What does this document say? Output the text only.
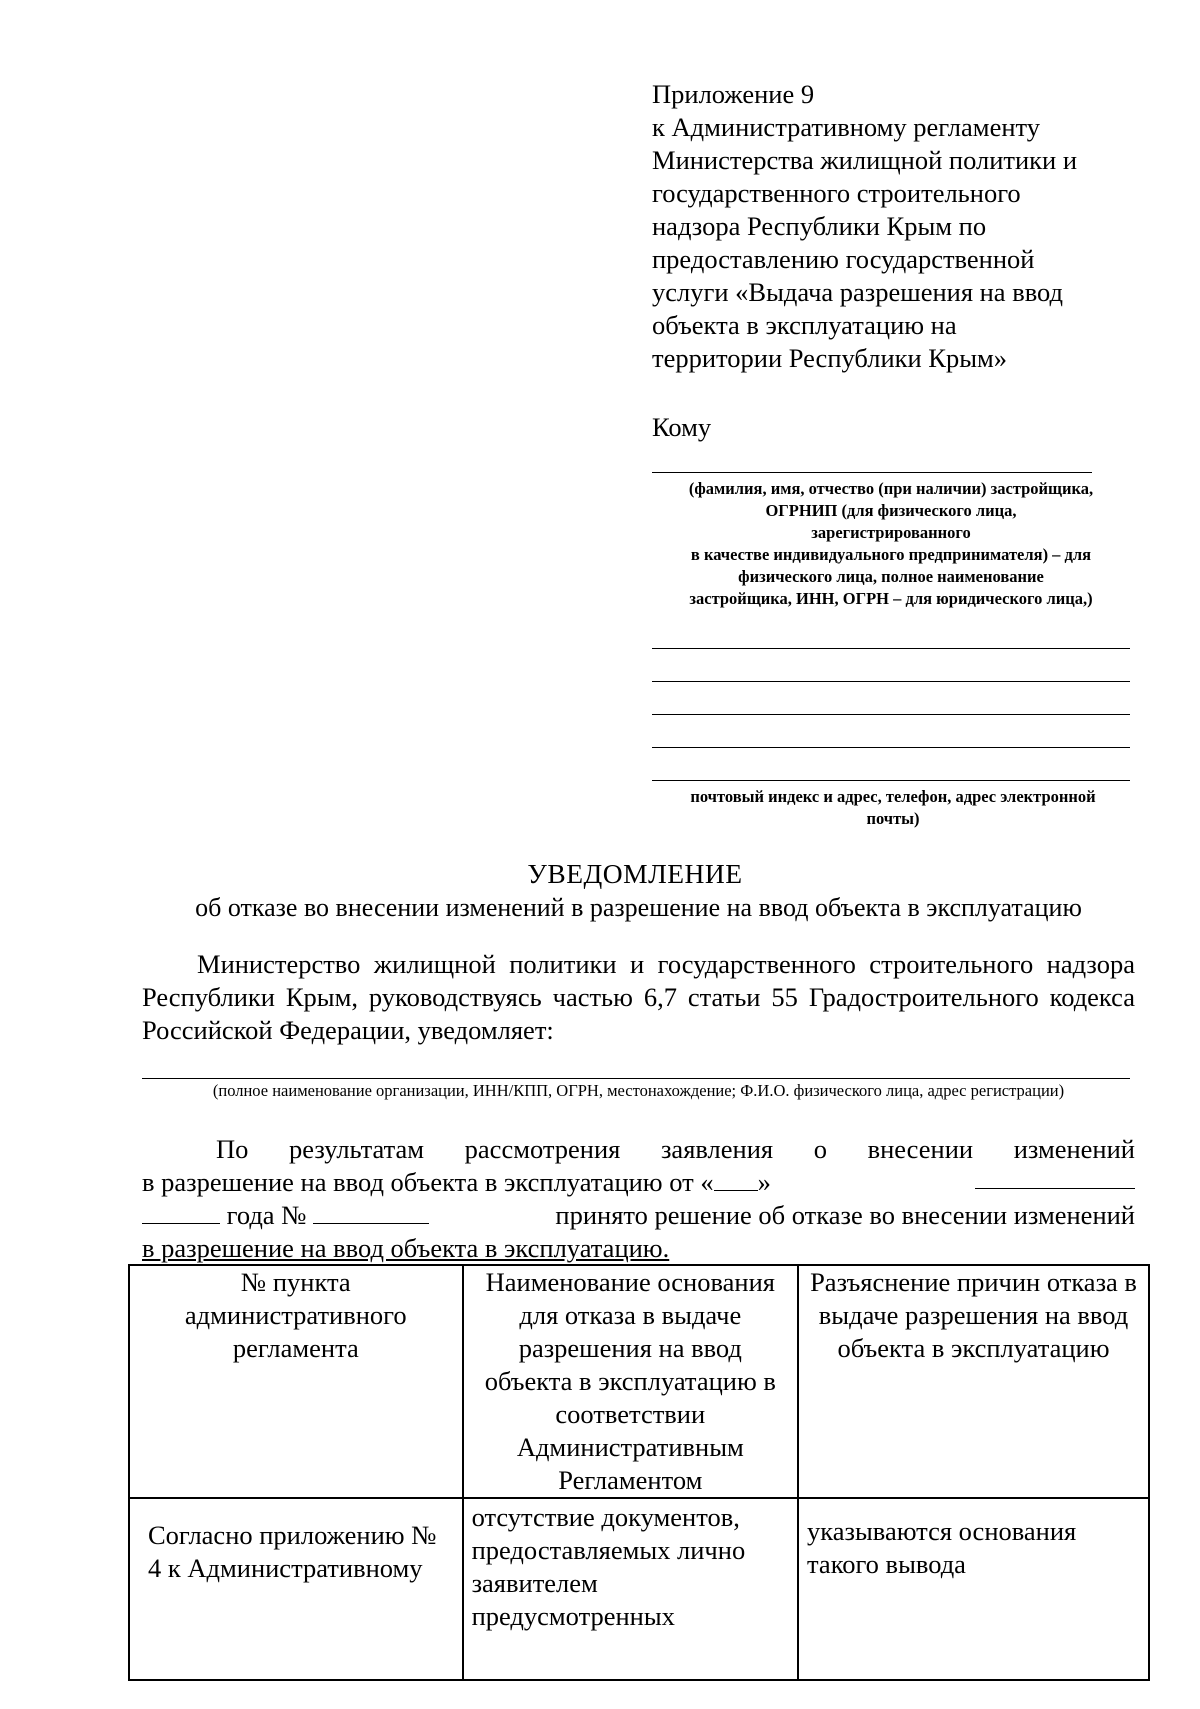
Приложение 9
к Административному регламенту
Министерства жилищной политики и
государственного строительного
надзора Республики Крым по
предоставлению государственной
услуги «Выдача разрешения на ввод
объекта в эксплуатацию на
территории Республики Крым»
Кому
(фамилия, имя, отчество (при наличии) застройщика,
ОГРНИП (для физического лица,
зарегистрированного
в качестве индивидуального предпринимателя) – для
физического лица, полное наименование
застройщика, ИНН, ОГРН – для юридического лица,)
почтовый индекс и адрес, телефон, адрес электронной
почты)
УВЕДОМЛЕНИЕ
об отказе во внесении изменений в разрешение на ввод объекта в эксплуатацию
Министерство жилищной политики и государственного строительного надзора Республики Крым, руководствуясь частью 6,7 статьи 55 Градостроительного кодекса Российской Федерации, уведомляет:
(полное наименование организации, ИНН/КПП, ОГРН, местонахождение; Ф.И.О. физического лица, адрес регистрации)
По результатам рассмотрения заявления о внесении изменений
в разрешение на ввод объекта в эксплуатацию от « »
года №	принято решение об отказе во внесении изменений
в разрешение на ввод объекта в эксплуатацию.
№ пункта административного регламента	Наименование основания для отказа в выдаче разрешения на ввод объекта в эксплуатацию в соответствии Административным Регламентом	Разъяснение причин отказа в выдаче разрешения на ввод объекта в эксплуатацию
Согласно приложению № 4 к Административному	отсутствие документов, предоставляемых лично заявителем предусмотренных	указываются основания такого вывода
